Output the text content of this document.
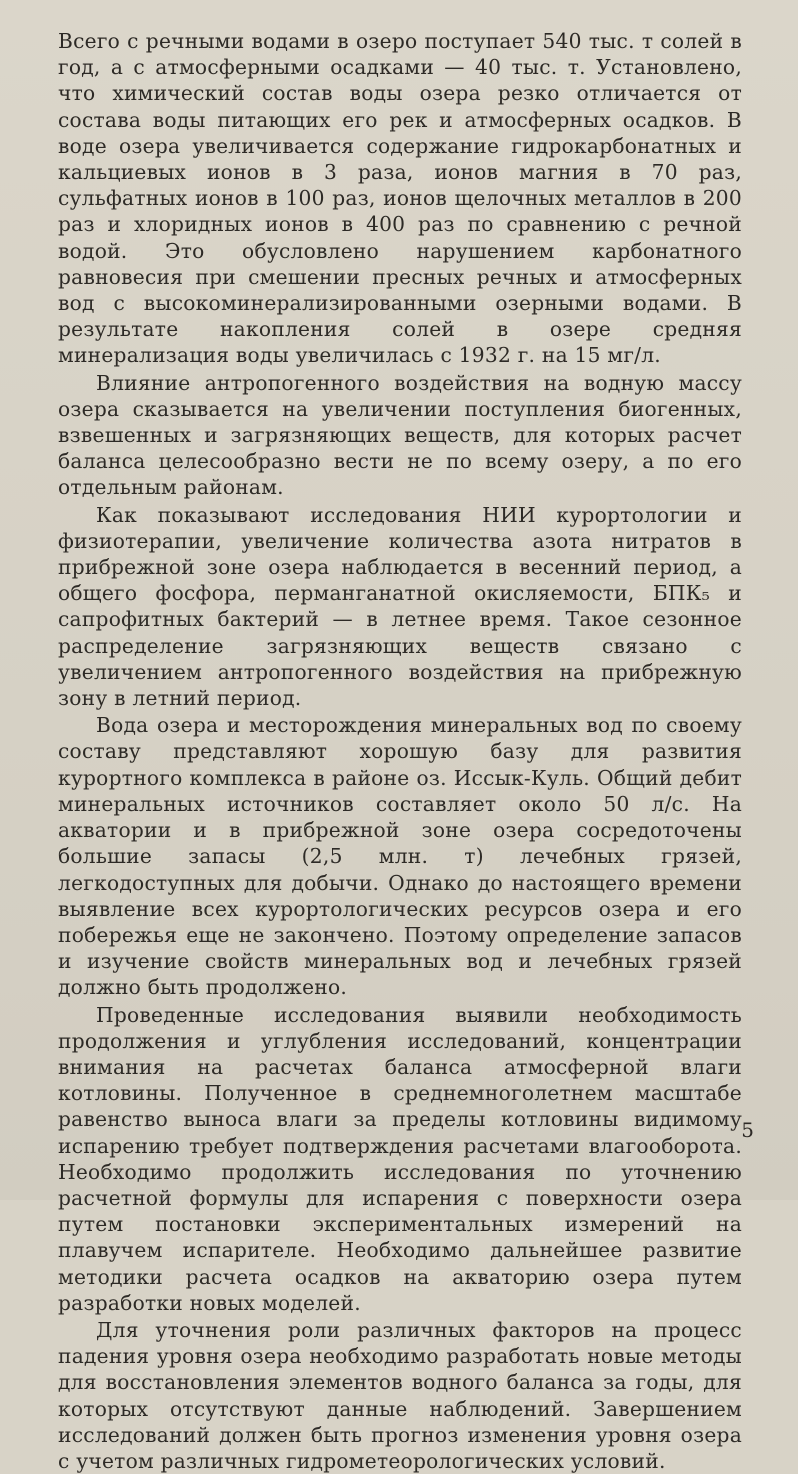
Всего с речными водами в озеро поступает 540 тыс. т солей в год, а с атмосферными осадками — 40 тыс. т. Установлено, что химический состав воды озера резко отличается от состава воды питающих его рек и атмосферных осадков. В воде озера увеличивается содержание гидрокарбонатных и кальциевых ионов в 3 раза, ионов магния в 70 раз, сульфатных ионов в 100 раз, ионов щелочных металлов в 200 раз и хлоридных ионов в 400 раз по сравнению с речной водой. Это обусловлено нарушением карбонатного равновесия при смешении пресных речных и атмосферных вод с высокоминерализированными озерными водами. В результате накопления солей в озере средняя минерализация воды увеличилась с 1932 г. на 15 мг/л.

Влияние антропогенного воздействия на водную массу озера сказывается на увеличении поступления биогенных, взвешенных и загрязняющих веществ, для которых расчет баланса целесообразно вести не по всему озеру, а по его отдельным районам.

Как показывают исследования НИИ курортологии и физиотерапии, увеличение количества азота нитратов в прибрежной зоне озера наблюдается в весенний период, а общего фосфора, перманганатной окисляемости, БПК₅ и сапрофитных бактерий — в летнее время. Такое сезонное распределение загрязняющих веществ связано с увеличением антропогенного воздействия на прибрежную зону в летний период.

Вода озера и месторождения минеральных вод по своему составу представляют хорошую базу для развития курортного комплекса в районе оз. Иссык-Куль. Общий дебит минеральных источников составляет около 50 л/с. На акватории и в прибрежной зоне озера сосредоточены большие запасы (2,5 млн. т) лечебных грязей, легкодоступных для добычи. Однако до настоящего времени выявление всех курортологических ресурсов озера и его побережья еще не закончено. Поэтому определение запасов и изучение свойств минеральных вод и лечебных грязей должно быть продолжено.

Проведенные исследования выявили необходимость продолжения и углубления исследований, концентрации внимания на расчетах баланса атмосферной влаги котловины. Полученное в среднемноголетнем масштабе равенство выноса влаги за пределы котловины видимому испарению требует подтверждения расчетами влагооборота. Необходимо продолжить исследования по уточнению расчетной формулы для испарения с поверхности озера путем постановки экспериментальных измерений на плавучем испарителе. Необходимо дальнейшее развитие методики расчета осадков на акваторию озера путем разработки новых моделей.

Для уточнения роли различных факторов на процесс падения уровня озера необходимо разработать новые методы для восстановления элементов водного баланса за годы, для которых отсутствуют данные наблюдений. Завершением исследований должен быть прогноз изменения уровня озера с учетом различных гидрометеорологических условий.

5
